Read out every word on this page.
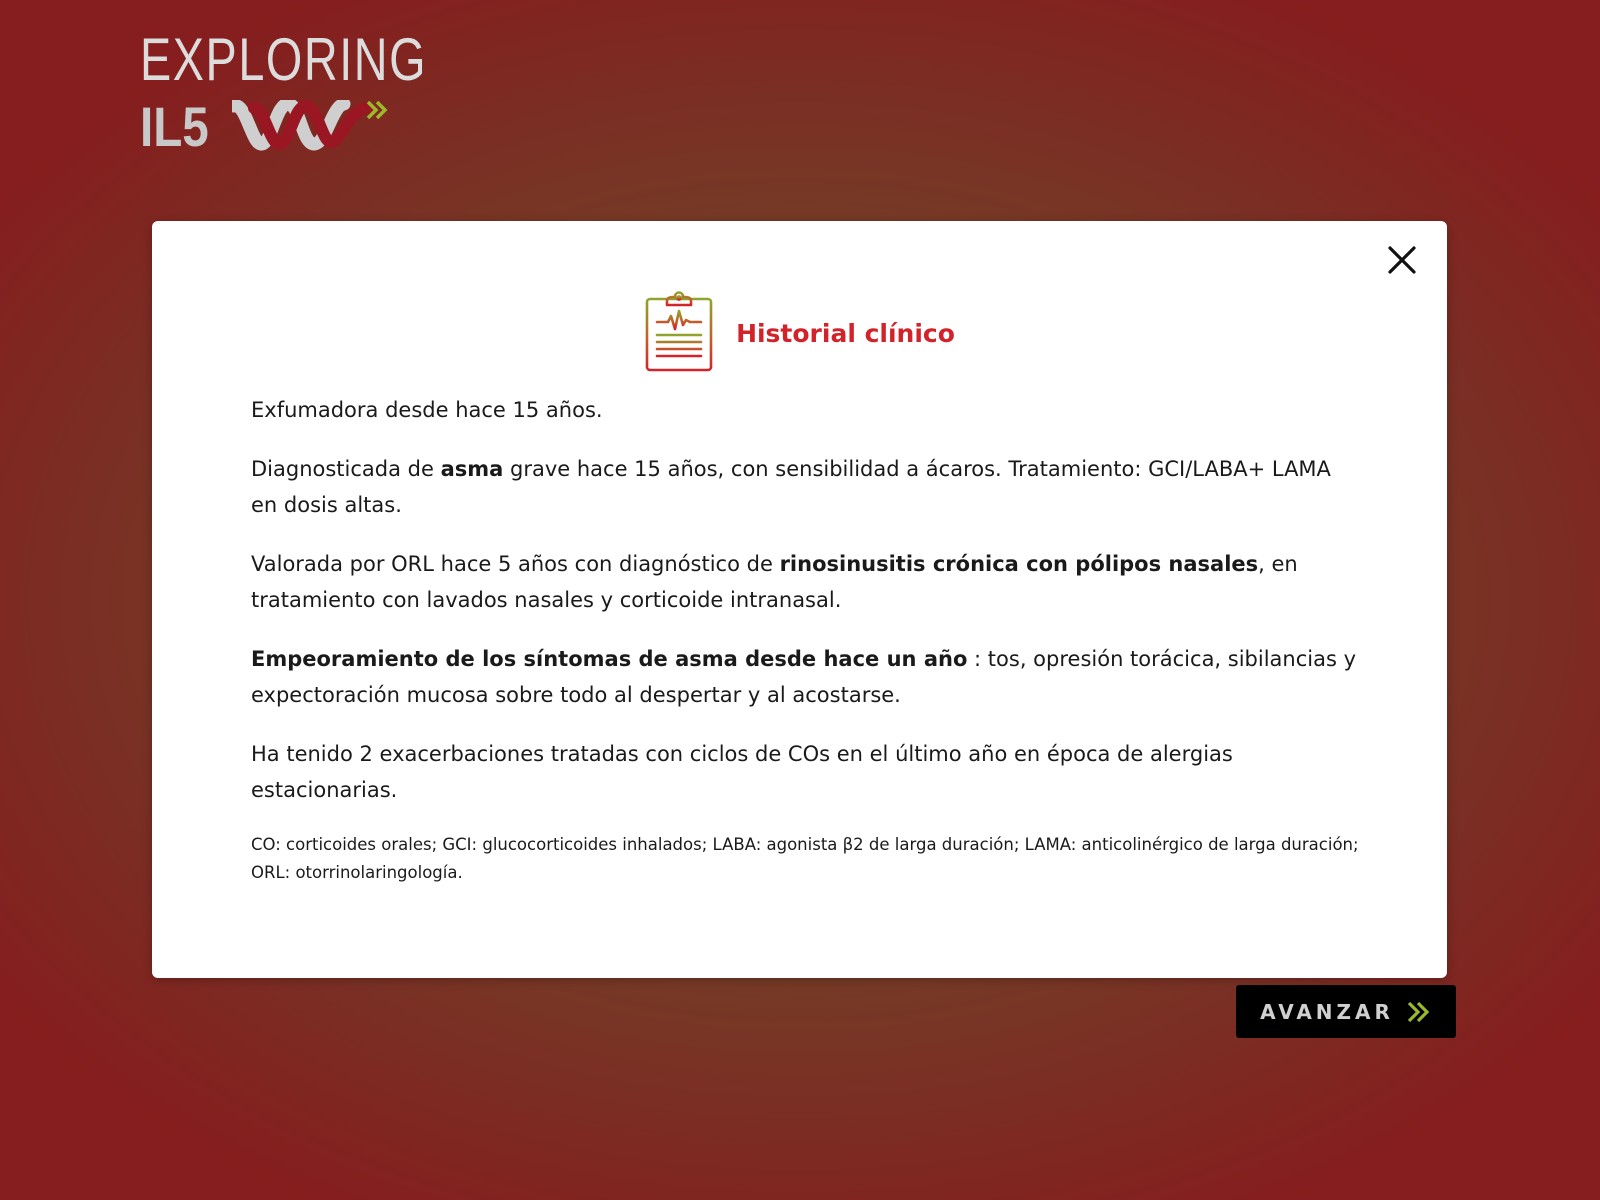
EXPLORING
IL5
Historial clínico

Exfumadora desde hace 15 años.

Diagnosticada de asma grave hace 15 años, con sensibilidad a ácaros. Tratamiento: GCI/LABA+ LAMA en dosis altas.

Valorada por ORL hace 5 años con diagnóstico de rinosinusitis crónica con pólipos nasales, en tratamiento con lavados nasales y corticoide intranasal.

Empeoramiento de los síntomas de asma desde hace un año : tos, opresión torácica, sibilancias y expectoración mucosa sobre todo al despertar y al acostarse.

Ha tenido 2 exacerbaciones tratadas con ciclos de COs en el último año en época de alergias estacionarias.

CO: corticoides orales; GCI: glucocorticoides inhalados; LABA: agonista β2 de larga duración; LAMA: anticolinérgico de larga duración; ORL: otorrinolaringología.

AVANZAR
